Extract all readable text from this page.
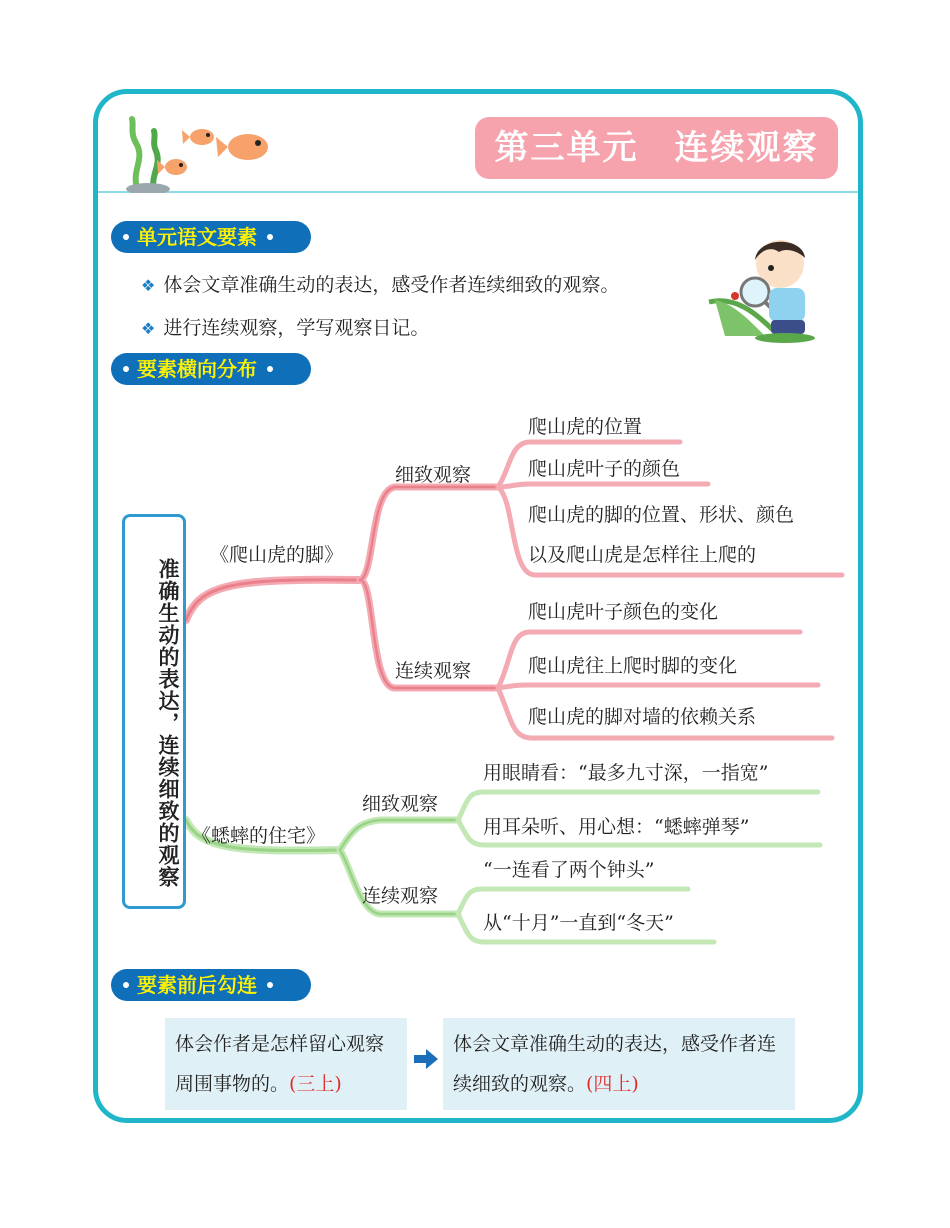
第三单元　连续观察
单元语文要素
❖ 体会文章准确生动的表达，感受作者连续细致的观察。
❖ 进行连续观察，学写观察日记。
要素横向分布
准确生动的表达，连续细致的观察
《爬山虎的脚》
细致观察
连续观察
爬山虎的位置
爬山虎叶子的颜色
爬山虎的脚的位置、形状、颜色
以及爬山虎是怎样往上爬的
爬山虎叶子颜色的变化
爬山虎往上爬时脚的变化
爬山虎的脚对墙的依赖关系
《蟋蟀的住宅》
细致观察
连续观察
用眼睛看：“最多九寸深，一指宽”
用耳朵听、用心想：“蟋蟀弹琴”
“一连看了两个钟头”
从“十月”一直到“冬天”
要素前后勾连
体会作者是怎样留心观察周围事物的。(三上)
体会文章准确生动的表达，感受作者连续细致的观察。(四上)
